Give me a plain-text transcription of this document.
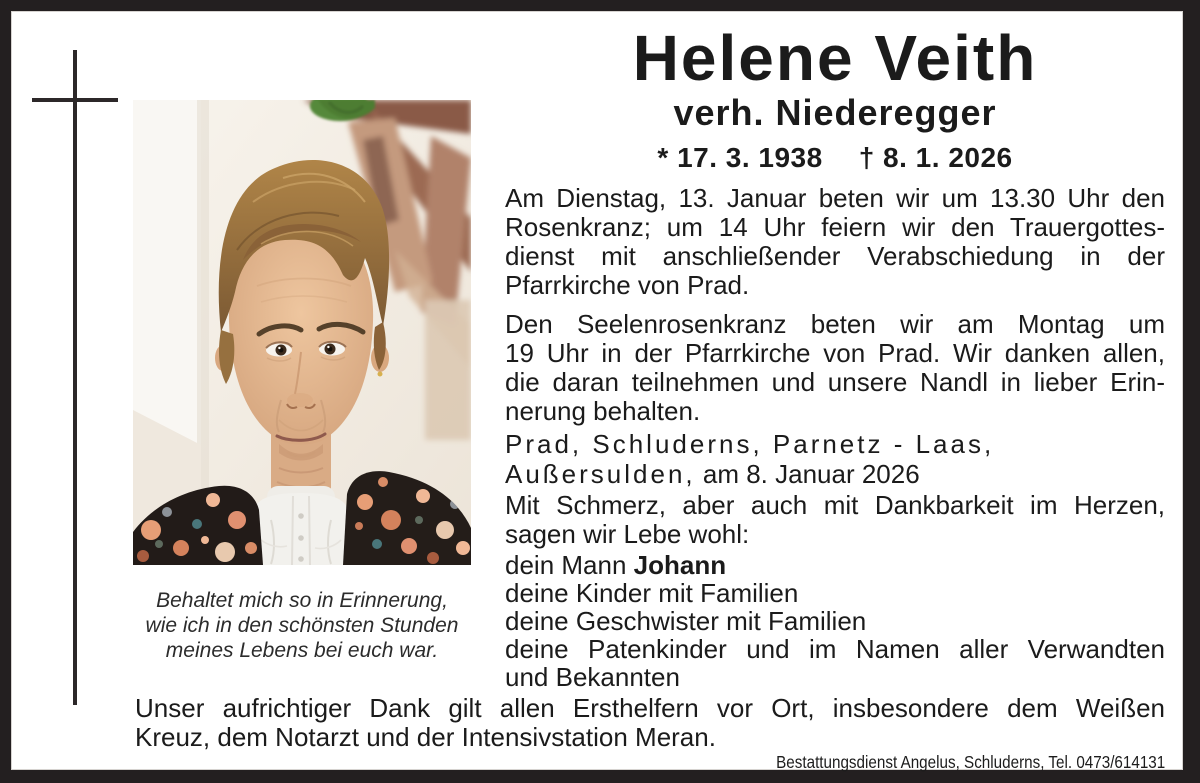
Behaltet mich so in Erinnerung,
wie ich in den schönsten Stunden
meines Lebens bei euch war.
Helene Veith
verh. Niederegger
* 17. 3. 1938 † 8. 1. 2026
Am Dienstag, 13. Januar beten wir um 13.30 Uhr den
Rosenkranz; um 14 Uhr feiern wir den Trauergottes-
dienst mit anschließender Verabschiedung in der
Pfarrkirche von Prad.
Den Seelenrosenkranz beten wir am Montag um
19 Uhr in der Pfarrkirche von Prad. Wir danken allen,
die daran teilnehmen und unsere Nandl in lieber Erin-
nerung behalten.
Prad, Schluderns, Parnetz - Laas,
Außersulden, am 8. Januar 2026
Mit Schmerz, aber auch mit Dankbarkeit im Herzen,
sagen wir Lebe wohl:
dein Mann Johann
deine Kinder mit Familien
deine Geschwister mit Familien
deine Patenkinder und im Namen aller Verwandten
und Bekannten
Unser aufrichtiger Dank gilt allen Ersthelfern vor Ort, insbesondere dem Weißen
Kreuz, dem Notarzt und der Intensivstation Meran.
Bestattungsdienst Angelus, Schluderns, Tel. 0473/614131
